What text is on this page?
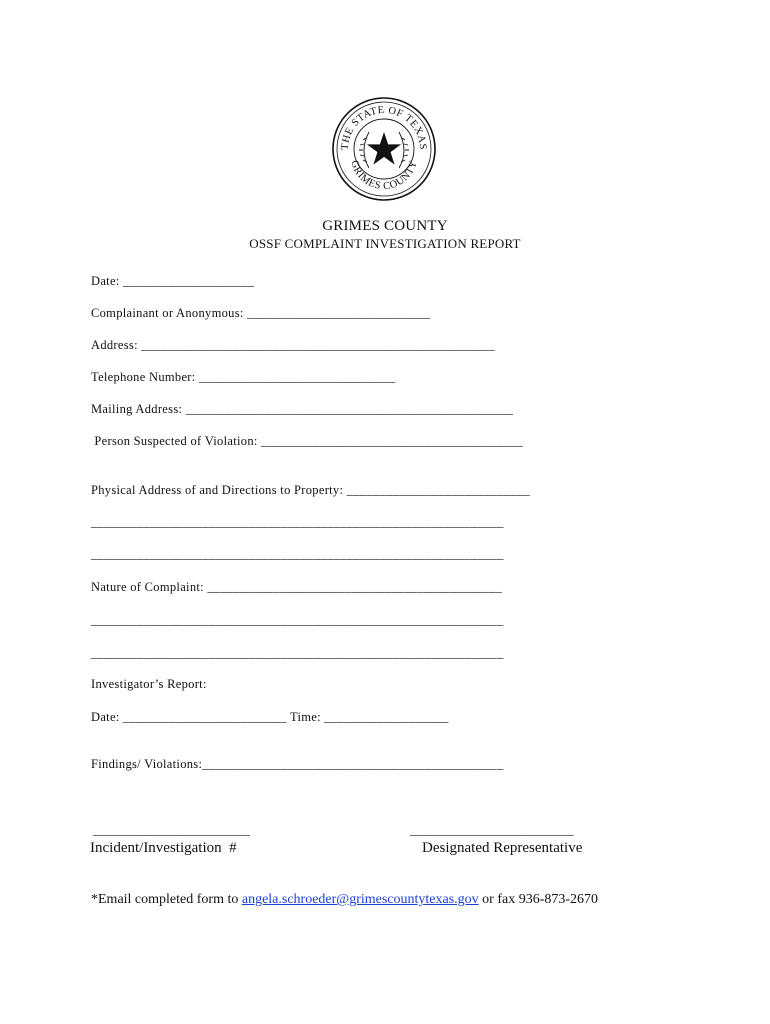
THE STATE OF TEXAS
GRIMES COUNTY
GRIMES COUNTY
OSSF COMPLAINT INVESTIGATION REPORT
Date: ____________________
Complainant or Anonymous: ____________________________
Address: ______________________________________________________
Telephone Number: ______________________________
Mailing Address: __________________________________________________
Person Suspected of Violation: ________________________________________
Physical Address of and Directions to Property: ____________________________
_______________________________________________________________
_______________________________________________________________
Nature of Complaint: _____________________________________________
_______________________________________________________________
_______________________________________________________________
Investigator’s Report:
Date: _________________________ Time: ___________________
Findings/ Violations:______________________________________________
________________________	_________________________
Incident/Investigation  #	Designated Representative
*Email completed form to angela.schroeder@grimescountytexas.gov or fax 936-873-2670
